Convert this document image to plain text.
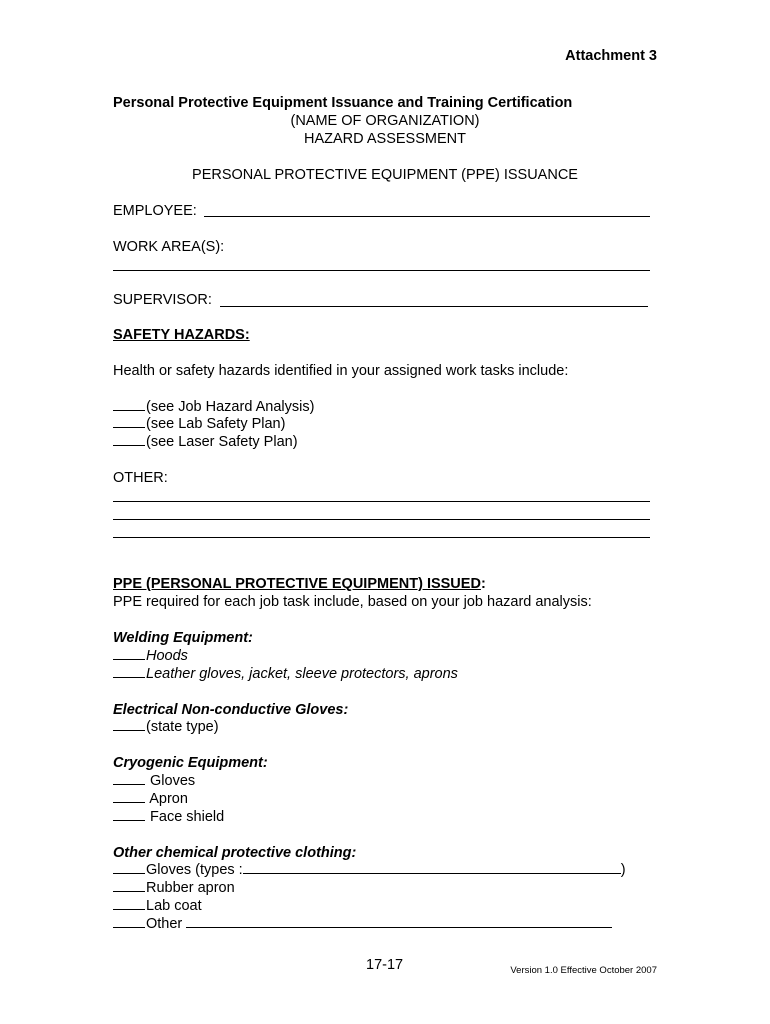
Attachment 3
Personal Protective Equipment Issuance and Training Certification
(NAME OF ORGANIZATION)
HAZARD ASSESSMENT
PERSONAL PROTECTIVE EQUIPMENT (PPE) ISSUANCE
EMPLOYEE:
WORK AREA(S):
SUPERVISOR:
SAFETY HAZARDS:
Health or safety hazards identified in your assigned work tasks include:
(see Job Hazard Analysis)
(see Lab Safety Plan)
(see Laser Safety Plan)
OTHER:
PPE (PERSONAL PROTECTIVE EQUIPMENT) ISSUED:
PPE required for each job task include, based on your job hazard analysis:
Welding Equipment:
Hoods
Leather gloves, jacket, sleeve protectors, aprons
Electrical Non-conductive Gloves:
(state type)
Cryogenic Equipment:
Gloves
Apron
Face shield
Other chemical protective clothing:
Gloves (types :	)
Rubber apron
Lab coat
Other
17-17	Version 1.0 Effective October 2007
